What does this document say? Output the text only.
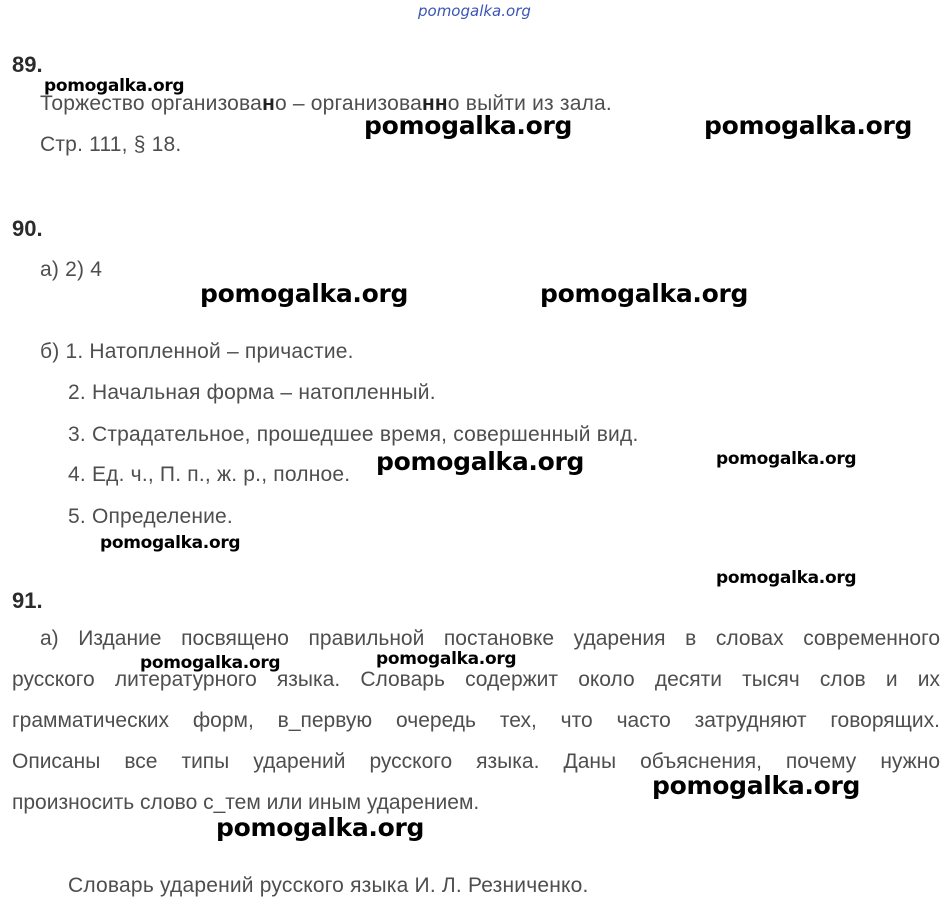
pomogalka.org
89.
Торжество организовано – организованно выйти из зала.
Стр. 111, § 18.
90.
а) 2) 4
б) 1. Натопленной – причастие.
2. Начальная форма – натопленный.
3. Страдательное, прошедшее время, совершенный вид.
4. Ед. ч., П. п., ж. р., полное.
5. Определение.
91.
а) Издание посвящено правильной постановке ударения в словах современного
русского литературного языка. Словарь содержит около десяти тысяч слов и их
грамматических форм, в_первую очередь тех, что часто затрудняют говорящих.
Описаны все типы ударений русского языка. Даны объяснения, почему нужно
произносить слово с_тем или иным ударением.
Словарь ударений русского языка И. Л. Резниченко.
pomogalka.org
pomogalka.org	pomogalka.org
pomogalka.org	pomogalka.org
pomogalka.org	pomogalka.org
pomogalka.org
pomogalka.org
pomogalka.org	pomogalka.org
pomogalka.org
pomogalka.org
